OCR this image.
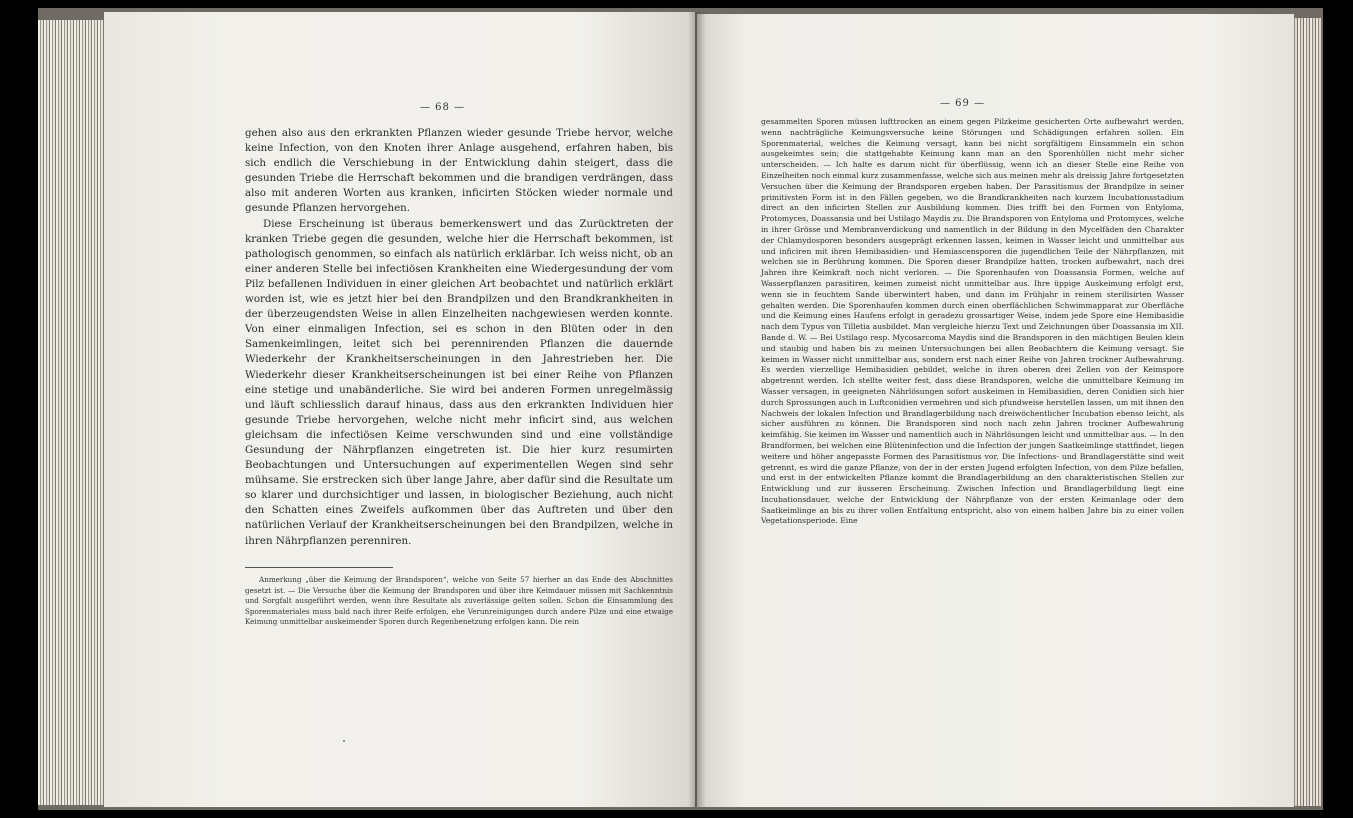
— 68 —	— 69 —

gehen also aus den erkrankten Pflanzen wieder gesunde Triebe hervor, welche keine Infection, von den Knoten ihrer Anlage ausgehend, erfahren haben, bis sich endlich die Verschiebung in der Entwicklung dahin steigert, dass die gesunden Triebe die Herrschaft bekommen und die brandigen verdrängen, dass also mit anderen Worten aus kranken, inficirten Stöcken wieder normale und gesunde Pflanzen hervorgehen.

Diese Erscheinung ist überaus bemerkenswert und das Zurücktreten der kranken Triebe gegen die gesunden, welche hier die Herrschaft bekommen, ist pathologisch genommen, so einfach als natürlich erklärbar. Ich weiss nicht, ob an einer anderen Stelle bei infectiösen Krankheiten eine Wiedergesundung der vom Pilz befallenen Individuen in einer gleichen Art beobachtet und natürlich erklärt worden ist, wie es jetzt hier bei den Brandpilzen und den Brandkrankheiten in der überzeugendsten Weise in allen Einzelheiten nachgewiesen werden konnte. Von einer einmaligen Infection, sei es schon in den Blüten oder in den Samenkeimlingen, leitet sich bei perennirenden Pflanzen die dauernde Wiederkehr der Krankheitserscheinungen in den Jahrestrieben her. Die Wiederkehr dieser Krankheitserscheinungen ist bei einer Reihe von Pflanzen eine stetige und unabänderliche. Sie wird bei anderen Formen unregelmässig und läuft schliesslich darauf hinaus, dass aus den erkrankten Individuen hier gesunde Triebe hervorgehen, welche nicht mehr inficirt sind, aus welchen gleichsam die infectiösen Keime verschwunden sind und eine vollständige Gesundung der Nährpflanzen eingetreten ist. Die hier kurz resumirten Beobachtungen und Untersuchungen auf experimentellen Wegen sind sehr mühsame. Sie erstrecken sich über lange Jahre, aber dafür sind die Resultate um so klarer und durchsichtiger und lassen, in biologischer Beziehung, auch nicht den Schatten eines Zweifels aufkommen über das Auftreten und über den natürlichen Verlauf der Krankheitserscheinungen bei den Brandpilzen, welche in ihren Nährpflanzen perenniren.

Anmerkung „über die Keimung der Brandsporen“, welche von Seite 57 hierher an das Ende des Abschnittes gesetzt ist. — Die Versuche über die Keimung der Brandsporen und über ihre Keimdauer müssen mit Sachkenntnis und Sorgfalt ausgeführt werden, wenn ihre Resultate als zuverlässige gelten sollen. Schon die Einsammlung des Sporenmateriales muss bald nach ihrer Reife erfolgen, ehe Verunreinigungen durch andere Pilze und eine etwaige Keimung unmittelbar auskeimender Sporen durch Regenbenetzung erfolgen kann. Die rein

gesammelten Sporen müssen lufttrocken an einem gegen Pilzkeime gesicherten Orte aufbewahrt werden, wenn nachträgliche Keimungsversuche keine Störungen und Schädigungen erfahren sollen. Ein Sporenmaterial, welches die Keimung versagt, kann bei nicht sorgfältigem Einsammeln ein schon ausgekeimtes sein; die stattgehabte Keimung kann man an den Sporenhüllen nicht mehr sicher unterscheiden. — Ich halte es darum nicht für überflüssig, wenn ich an dieser Stelle eine Reihe von Einzelheiten noch einmal kurz zusammenfasse, welche sich aus meinen mehr als dreissig Jahre fortgesetzten Versuchen über die Keimung der Brandsporen ergeben haben. Der Parasitismus der Brandpilze in seiner primitivsten Form ist in den Fällen gegeben, wo die Brandkrankheiten nach kurzem Incubationsstadium direct an den inficirten Stellen zur Ausbildung kommen. Dies trifft bei den Formen von Entyloma, Protomyces, Doassansia und bei Ustilago Maydis zu. Die Brandsporen von Entyloma und Protomyces, welche in ihrer Grösse und Membranverdickung und namentlich in der Bildung in den Mycelfäden den Charakter der Chlamydosporen besonders ausgeprägt erkennen lassen, keimen in Wasser leicht und unmittelbar aus und inficiren mit ihren Hemibasidien- und Hemiascensporen die jugendlichen Teile der Nährpflanzen, mit welchen sie in Berührung kommen. Die Sporen dieser Brandpilze hatten, trocken aufbewahrt, nach drei Jahren ihre Keimkraft noch nicht verloren. — Die Sporenhaufen von Doassansia Formen, welche auf Wasserpflanzen parasitiren, keimen zumeist nicht unmittelbar aus. Ihre üppige Auskeimung erfolgt erst, wenn sie in feuchtem Sande überwintert haben, und dann im Frühjahr in reinem sterilisirten Wasser gehalten werden. Die Sporenhaufen kommen durch einen oberflächlichen Schwimmapparat zur Oberfläche und die Keimung eines Haufens erfolgt in geradezu grossartiger Weise, indem jede Spore eine Hemibasidie nach dem Typus von Tilletia ausbildet. Man vergleiche hierzu Text und Zeichnungen über Doassansia im XII. Bande d. W. — Bei Ustilago resp. Mycosarcoma Maydis sind die Brandsporen in den mächtigen Beulen klein und staubig und haben bis zu meinen Untersuchungen bei allen Beobachtern die Keimung versagt. Sie keimen in Wasser nicht unmittelbar aus, sondern erst nach einer Reihe von Jahren trockner Aufbewahrung. Es werden vierzellige Hemibasidien gebildet, welche in ihren oberen drei Zellen von der Keimspore abgetrennt werden. Ich stellte weiter fest, dass diese Brandsporen, welche die unmittelbare Keimung im Wasser versagen, in geeigneten Nährlösungen sofort auskeimen in Hemibasidien, deren Conidien sich hier durch Sprossungen auch in Luftconidien vermehren und sich pfundweise herstellen lassen, um mit ihnen den Nachweis der lokalen Infection und Brandlagerbildung nach dreiwöchentlicher Incubation ebenso leicht, als sicher ausführen zu können. Die Brandsporen sind noch nach zehn Jahren trockner Aufbewahrung keimfähig. Sie keimen im Wasser und namentlich auch in Nährlösungen leicht und unmittelbar aus. — In den Brandformen, bei welchen eine Blüteninfection und die Infection der jungen Saatkeimlinge stattfindet, liegen weitere und höher angepasste Formen des Parasitismus vor. Die Infections- und Brandlagerstätte sind weit getrennt, es wird die ganze Pflanze, von der in der ersten Jugend erfolgten Infection, von dem Pilze befallen, und erst in der entwickelten Pflanze kommt die Brandlagerbildung an den charakteristischen Stellen zur Entwicklung und zur äusseren Erscheinung. Zwischen Infection und Brandlagerbildung liegt eine Incubationsdauer, welche der Entwicklung der Nährpflanze von der ersten Keimanlage oder dem Saatkeimlinge an bis zu ihrer vollen Entfaltung entspricht, also von einem halben Jahre bis zu einer vollen Vegetationsperiode. Eine
